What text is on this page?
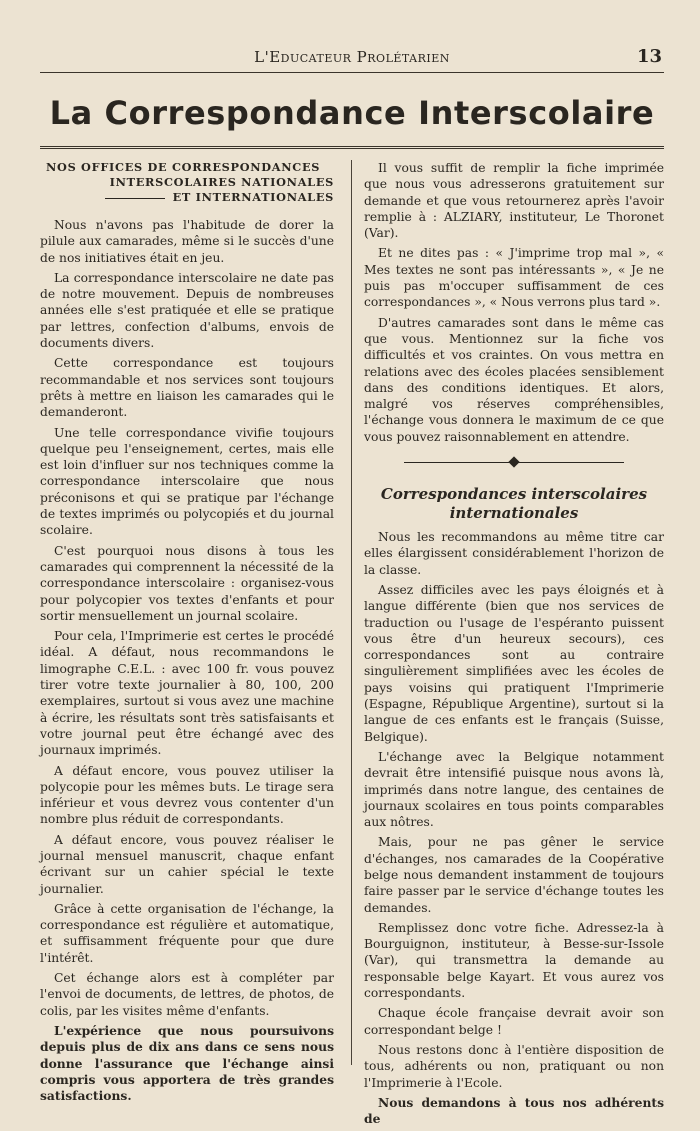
L'Educateur Prolétarien	13
La Correspondance Interscolaire
NOS OFFICES DE CORRESPONDANCES
INTERSCOLAIRES NATIONALES
ET INTERNATIONALES

Nous n'avons pas l'habitude de dorer la pilule aux camarades, même si le succès d'une de nos initiatives était en jeu.

La correspondance interscolaire ne date pas de notre mouvement. Depuis de nombreuses années elle s'est pratiquée et elle se pratique par lettres, confection d'albums, envois de documents divers.

Cette correspondance est toujours recommandable et nos services sont toujours prêts à mettre en liaison les camarades qui le demanderont.

Une telle correspondance vivifie toujours quelque peu l'enseignement, certes, mais elle est loin d'influer sur nos techniques comme la correspondance interscolaire que nous préconisons et qui se pratique par l'échange de textes imprimés ou polycopiés et du journal scolaire.

C'est pourquoi nous disons à tous les camarades qui comprennent la nécessité de la correspondance interscolaire : organisez-vous pour polycopier vos textes d'enfants et pour sortir mensuellement un journal scolaire.

Pour cela, l'Imprimerie est certes le procédé idéal. A défaut, nous recommandons le limographe C.E.L. : avec 100 fr. vous pouvez tirer votre texte journalier à 80, 100, 200 exemplaires, surtout si vous avez une machine à écrire, les résultats sont très satisfaisants et votre journal peut être échangé avec des journaux imprimés.

A défaut encore, vous pouvez utiliser la polycopie pour les mêmes buts. Le tirage sera inférieur et vous devrez vous contenter d'un nombre plus réduit de correspondants.

A défaut encore, vous pouvez réaliser le journal mensuel manuscrit, chaque enfant écrivant sur un cahier spécial le texte journalier.

Grâce à cette organisation de l'échange, la correspondance est régulière et automatique, et suffisamment fréquente pour que dure l'intérêt.

Cet échange alors est à compléter par l'envoi de documents, de lettres, de photos, de colis, par les visites même d'enfants.

L'expérience que nous poursuivons depuis plus de dix ans dans ce sens nous donne l'assurance que l'échange ainsi compris vous apportera de très grandes satisfactions.

Il vous suffit de remplir la fiche imprimée que nous vous adresserons gratuitement sur demande et que vous retournerez après l'avoir remplie à : ALZIARY, instituteur, Le Thoronet (Var).

Et ne dites pas : « J'imprime trop mal », « Mes textes ne sont pas intéressants », « Je ne puis pas m'occuper suffisamment de ces correspondances », « Nous verrons plus tard ».

D'autres camarades sont dans le même cas que vous. Mentionnez sur la fiche vos difficultés et vos craintes. On vous mettra en relations avec des écoles placées sensiblement dans des conditions identiques. Et alors, malgré vos réserves compréhensibles, l'échange vous donnera le maximum de ce que vous pouvez raisonnablement en attendre.

Correspondances interscolaires
internationales

Nous les recommandons au même titre car elles élargissent considérablement l'horizon de la classe.

Assez difficiles avec les pays éloignés et à langue différente (bien que nos services de traduction ou l'usage de l'espéranto puissent vous être d'un heureux secours), ces correspondances sont au contraire singulièrement simplifiées avec les écoles de pays voisins qui pratiquent l'Imprimerie (Espagne, République Argentine), surtout si la langue de ces enfants est le français (Suisse, Belgique).

L'échange avec la Belgique notamment devrait être intensifié puisque nous avons là, imprimés dans notre langue, des centaines de journaux scolaires en tous points comparables aux nôtres.

Mais, pour ne pas gêner le service d'échanges, nos camarades de la Coopérative belge nous demandent instamment de toujours faire passer par le service d'échange toutes les demandes.

Remplissez donc votre fiche. Adressez-la à Bourguignon, instituteur, à Besse-sur-Issole (Var), qui transmettra la demande au responsable belge Kayart. Et vous aurez vos correspondants.

Chaque école française devrait avoir son correspondant belge !

Nous restons donc à l'entière disposition de tous, adhérents ou non, pratiquant ou non l'Imprimerie à l'Ecole.

Nous demandons à tous nos adhérents de
